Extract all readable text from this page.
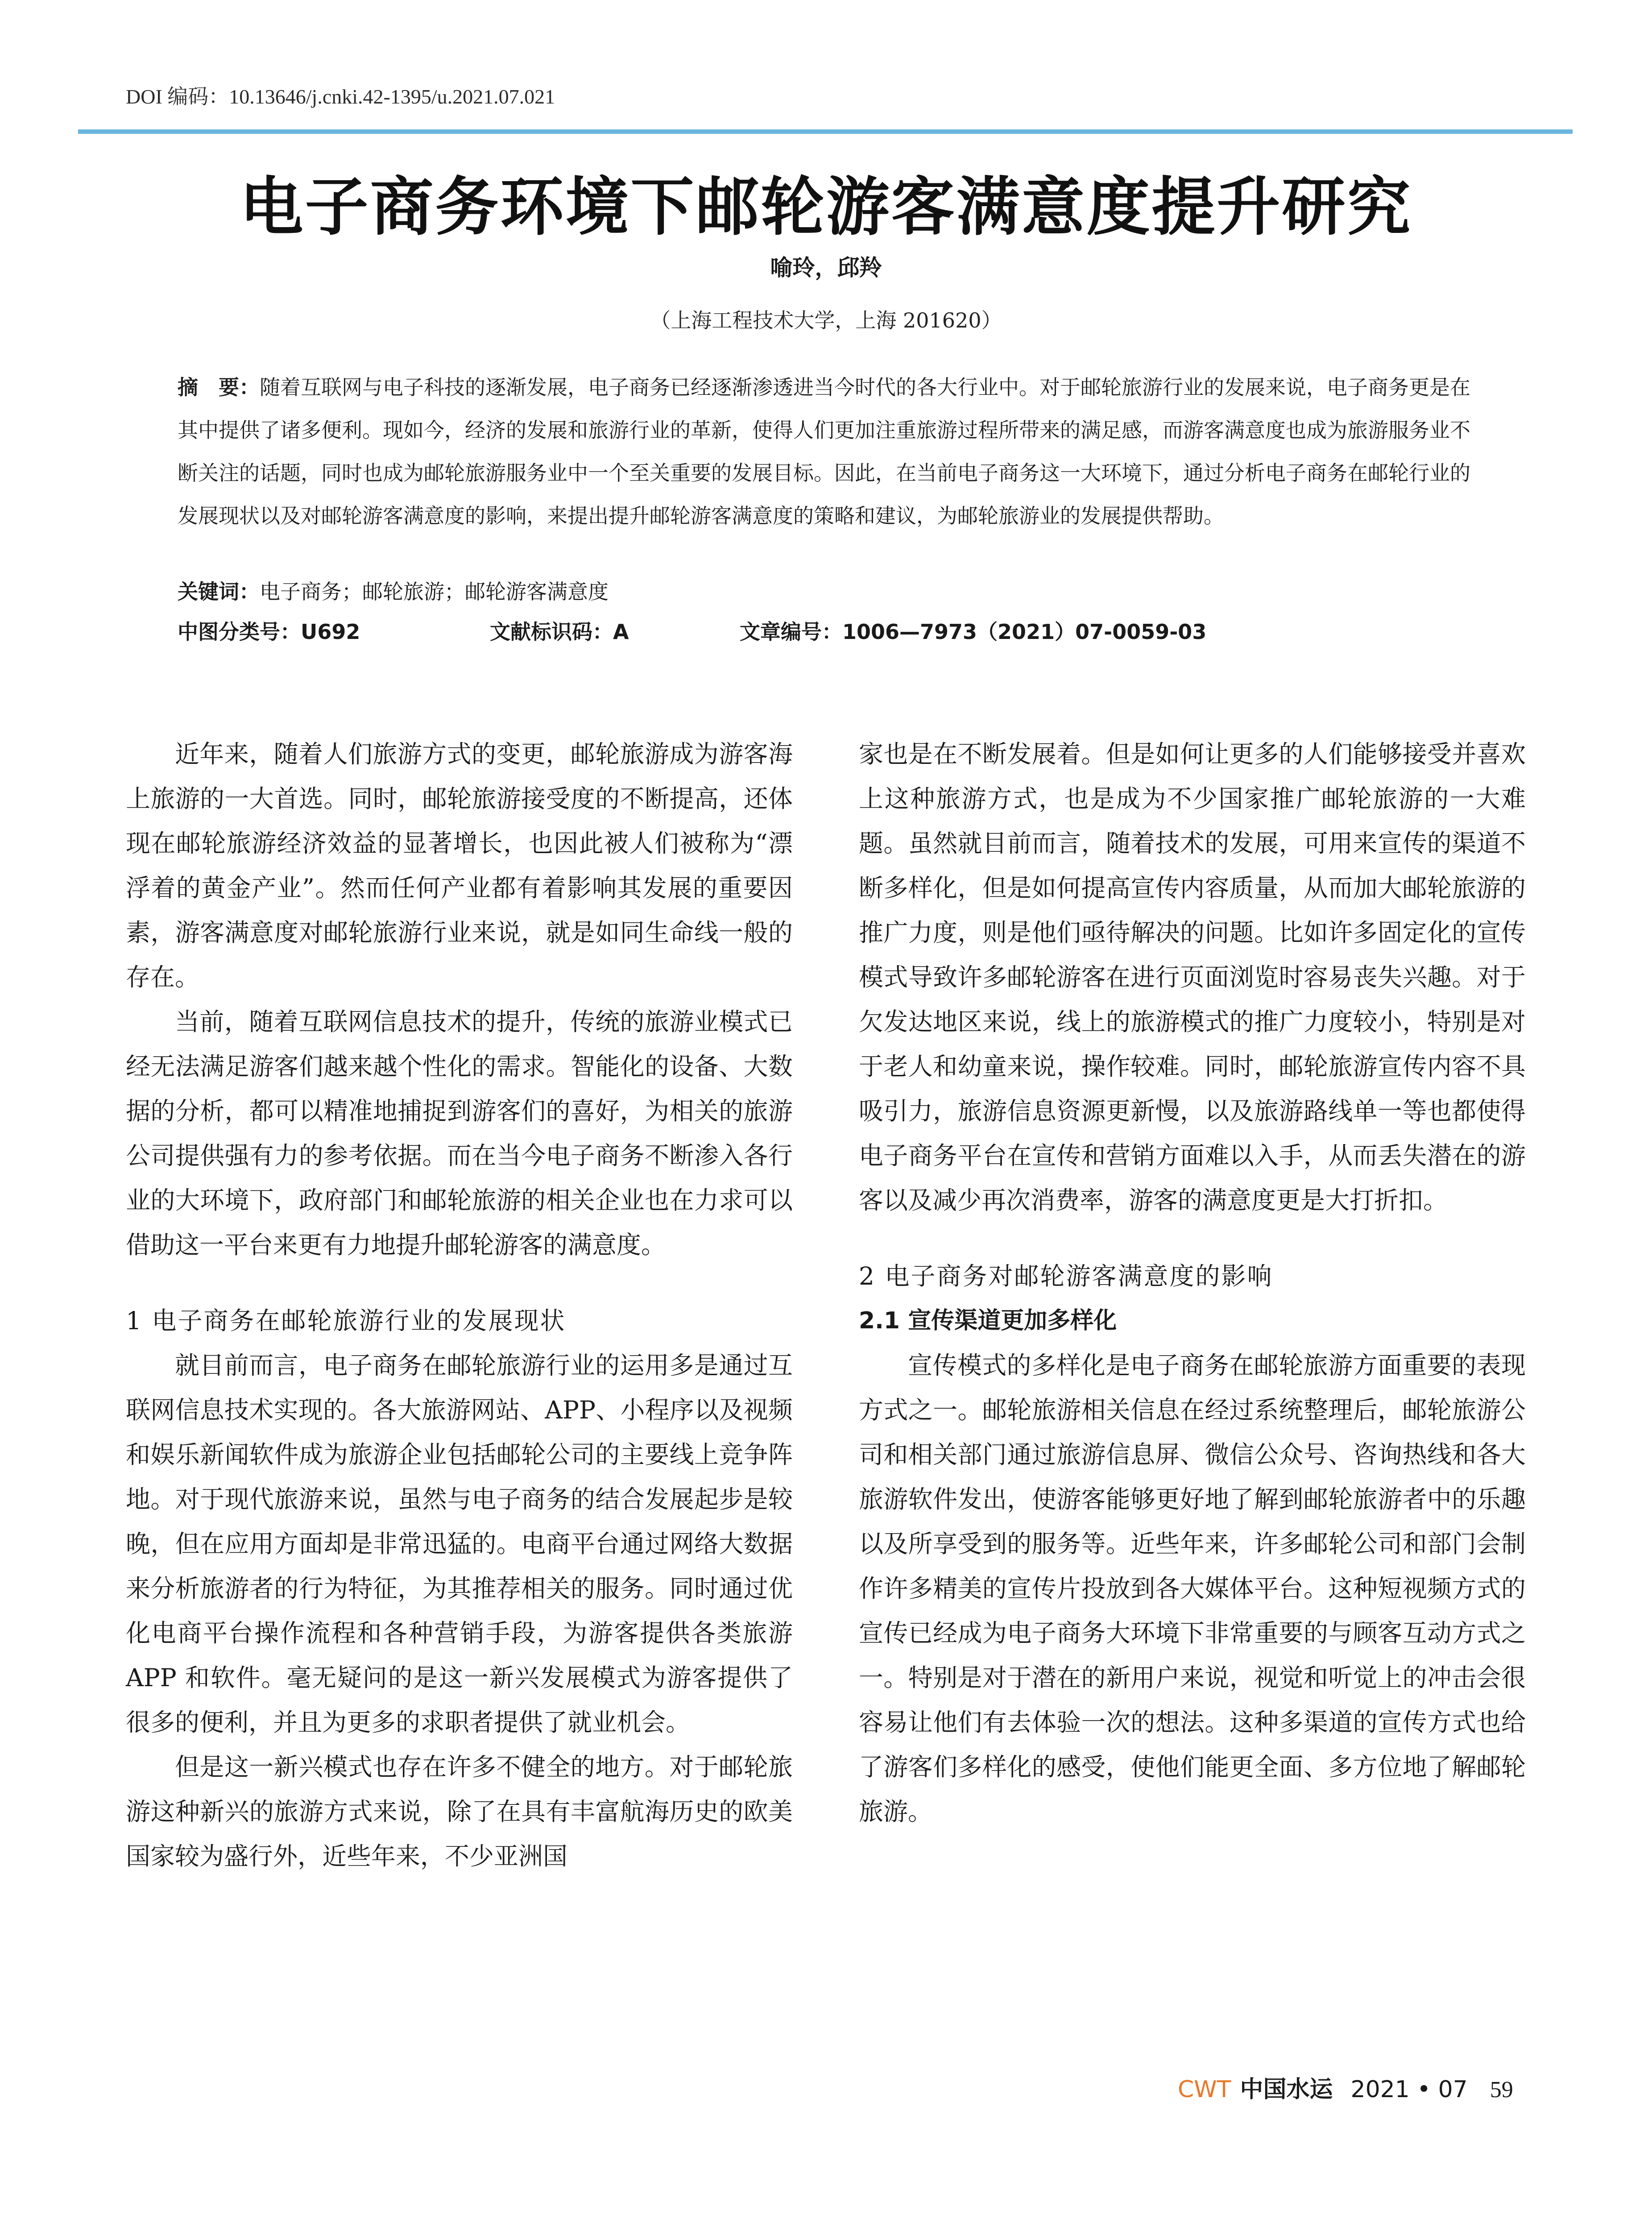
DOI 编码：10.13646/j.cnki.42-1395/u.2021.07.021
电子商务环境下邮轮游客满意度提升研究
喻玲，邱羚
（上海工程技术大学，上海 201620）

摘　要：随着互联网与电子科技的逐渐发展，电子商务已经逐渐渗透进当今时代的各大行业中。对于邮轮旅游行业的发展来说，电子商务更是在其中提供了诸多便利。现如今，经济的发展和旅游行业的革新，使得人们更加注重旅游过程所带来的满足感，而游客满意度也成为旅游服务业不断关注的话题，同时也成为邮轮旅游服务业中一个至关重要的发展目标。因此，在当前电子商务这一大环境下，通过分析电子商务在邮轮行业的发展现状以及对邮轮游客满意度的影响，来提出提升邮轮游客满意度的策略和建议，为邮轮旅游业的发展提供帮助。

关键词：电子商务；邮轮旅游；邮轮游客满意度
中图分类号：U692	文献标识码：A	文章编号：1006—7973（2021）07-0059-03

近年来，随着人们旅游方式的变更，邮轮旅游成为游客海上旅游的一大首选。同时，邮轮旅游接受度的不断提高，还体现在邮轮旅游经济效益的显著增长，也因此被人们被称为“漂浮着的黄金产业”。然而任何产业都有着影响其发展的重要因素，游客满意度对邮轮旅游行业来说，就是如同生命线一般的存在。

当前，随着互联网信息技术的提升，传统的旅游业模式已经无法满足游客们越来越个性化的需求。智能化的设备、大数据的分析，都可以精准地捕捉到游客们的喜好，为相关的旅游公司提供强有力的参考依据。而在当今电子商务不断渗入各行业的大环境下，政府部门和邮轮旅游的相关企业也在力求可以借助这一平台来更有力地提升邮轮游客的满意度。

1 电子商务在邮轮旅游行业的发展现状

就目前而言，电子商务在邮轮旅游行业的运用多是通过互联网信息技术实现的。各大旅游网站、APP、小程序以及视频和娱乐新闻软件成为旅游企业包括邮轮公司的主要线上竞争阵地。对于现代旅游来说，虽然与电子商务的结合发展起步是较晚，但在应用方面却是非常迅猛的。电商平台通过网络大数据来分析旅游者的行为特征，为其推荐相关的服务。同时通过优化电商平台操作流程和各种营销手段，为游客提供各类旅游 APP 和软件。毫无疑问的是这一新兴发展模式为游客提供了很多的便利，并且为更多的求职者提供了就业机会。

但是这一新兴模式也存在许多不健全的地方。对于邮轮旅游这种新兴的旅游方式来说，除了在具有丰富航海历史的欧美国家较为盛行外，近些年来，不少亚洲国

家也是在不断发展着。但是如何让更多的人们能够接受并喜欢上这种旅游方式，也是成为不少国家推广邮轮旅游的一大难题。虽然就目前而言，随着技术的发展，可用来宣传的渠道不断多样化，但是如何提高宣传内容质量，从而加大邮轮旅游的推广力度，则是他们亟待解决的问题。比如许多固定化的宣传模式导致许多邮轮游客在进行页面浏览时容易丧失兴趣。对于欠发达地区来说，线上的旅游模式的推广力度较小，特别是对于老人和幼童来说，操作较难。同时，邮轮旅游宣传内容不具吸引力，旅游信息资源更新慢，以及旅游路线单一等也都使得电子商务平台在宣传和营销方面难以入手，从而丢失潜在的游客以及减少再次消费率，游客的满意度更是大打折扣。

2 电子商务对邮轮游客满意度的影响
2.1 宣传渠道更加多样化

宣传模式的多样化是电子商务在邮轮旅游方面重要的表现方式之一。邮轮旅游相关信息在经过系统整理后，邮轮旅游公司和相关部门通过旅游信息屏、微信公众号、咨询热线和各大旅游软件发出，使游客能够更好地了解到邮轮旅游者中的乐趣以及所享受到的服务等。近些年来，许多邮轮公司和部门会制作许多精美的宣传片投放到各大媒体平台。这种短视频方式的宣传已经成为电子商务大环境下非常重要的与顾客互动方式之一。特别是对于潜在的新用户来说，视觉和听觉上的冲击会很容易让他们有去体验一次的想法。这种多渠道的宣传方式也给了游客们多样化的感受，使他们能更全面、多方位地了解邮轮旅游。

CWT 中国水运 2021 • 07 59
